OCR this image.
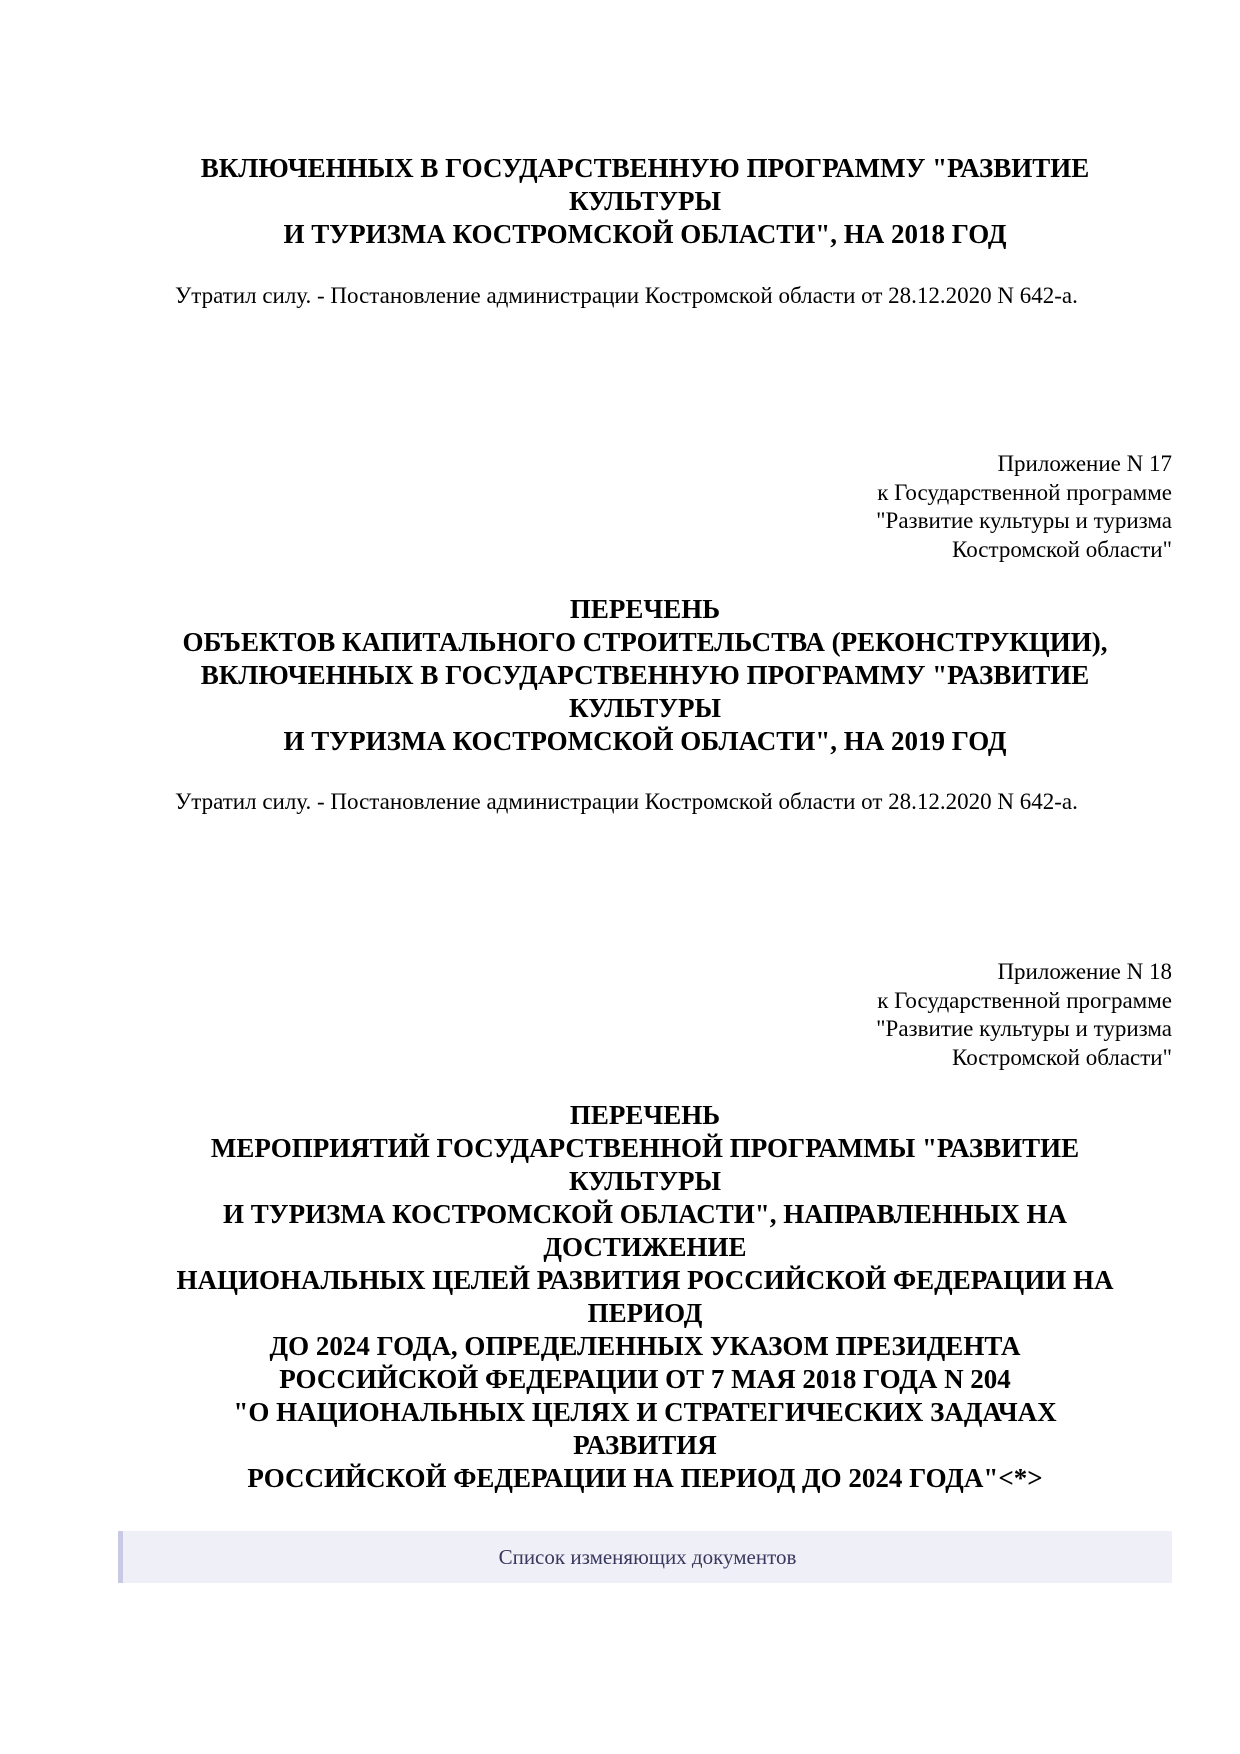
ВКЛЮЧЕННЫХ В ГОСУДАРСТВЕННУЮ ПРОГРАММУ "РАЗВИТИЕ
КУЛЬТУРЫ
И ТУРИЗМА КОСТРОМСКОЙ ОБЛАСТИ", НА 2018 ГОД
Утратил силу. - Постановление администрации Костромской области от 28.12.2020 N 642-а.
Приложение N 17
к Государственной программе
"Развитие культуры и туризма
Костромской области"
ПЕРЕЧЕНЬ
ОБЪЕКТОВ КАПИТАЛЬНОГО СТРОИТЕЛЬСТВА (РЕКОНСТРУКЦИИ),
ВКЛЮЧЕННЫХ В ГОСУДАРСТВЕННУЮ ПРОГРАММУ "РАЗВИТИЕ
КУЛЬТУРЫ
И ТУРИЗМА КОСТРОМСКОЙ ОБЛАСТИ", НА 2019 ГОД
Утратил силу. - Постановление администрации Костромской области от 28.12.2020 N 642-а.
Приложение N 18
к Государственной программе
"Развитие культуры и туризма
Костромской области"
ПЕРЕЧЕНЬ
МЕРОПРИЯТИЙ ГОСУДАРСТВЕННОЙ ПРОГРАММЫ "РАЗВИТИЕ
КУЛЬТУРЫ
И ТУРИЗМА КОСТРОМСКОЙ ОБЛАСТИ", НАПРАВЛЕННЫХ НА
ДОСТИЖЕНИЕ
НАЦИОНАЛЬНЫХ ЦЕЛЕЙ РАЗВИТИЯ РОССИЙСКОЙ ФЕДЕРАЦИИ НА
ПЕРИОД
ДО 2024 ГОДА, ОПРЕДЕЛЕННЫХ УКАЗОМ ПРЕЗИДЕНТА
РОССИЙСКОЙ ФЕДЕРАЦИИ ОТ 7 МАЯ 2018 ГОДА N 204
"О НАЦИОНАЛЬНЫХ ЦЕЛЯХ И СТРАТЕГИЧЕСКИХ ЗАДАЧАХ
РАЗВИТИЯ
РОССИЙСКОЙ ФЕДЕРАЦИИ НА ПЕРИОД ДО 2024 ГОДА"<*>
Список изменяющих документов
